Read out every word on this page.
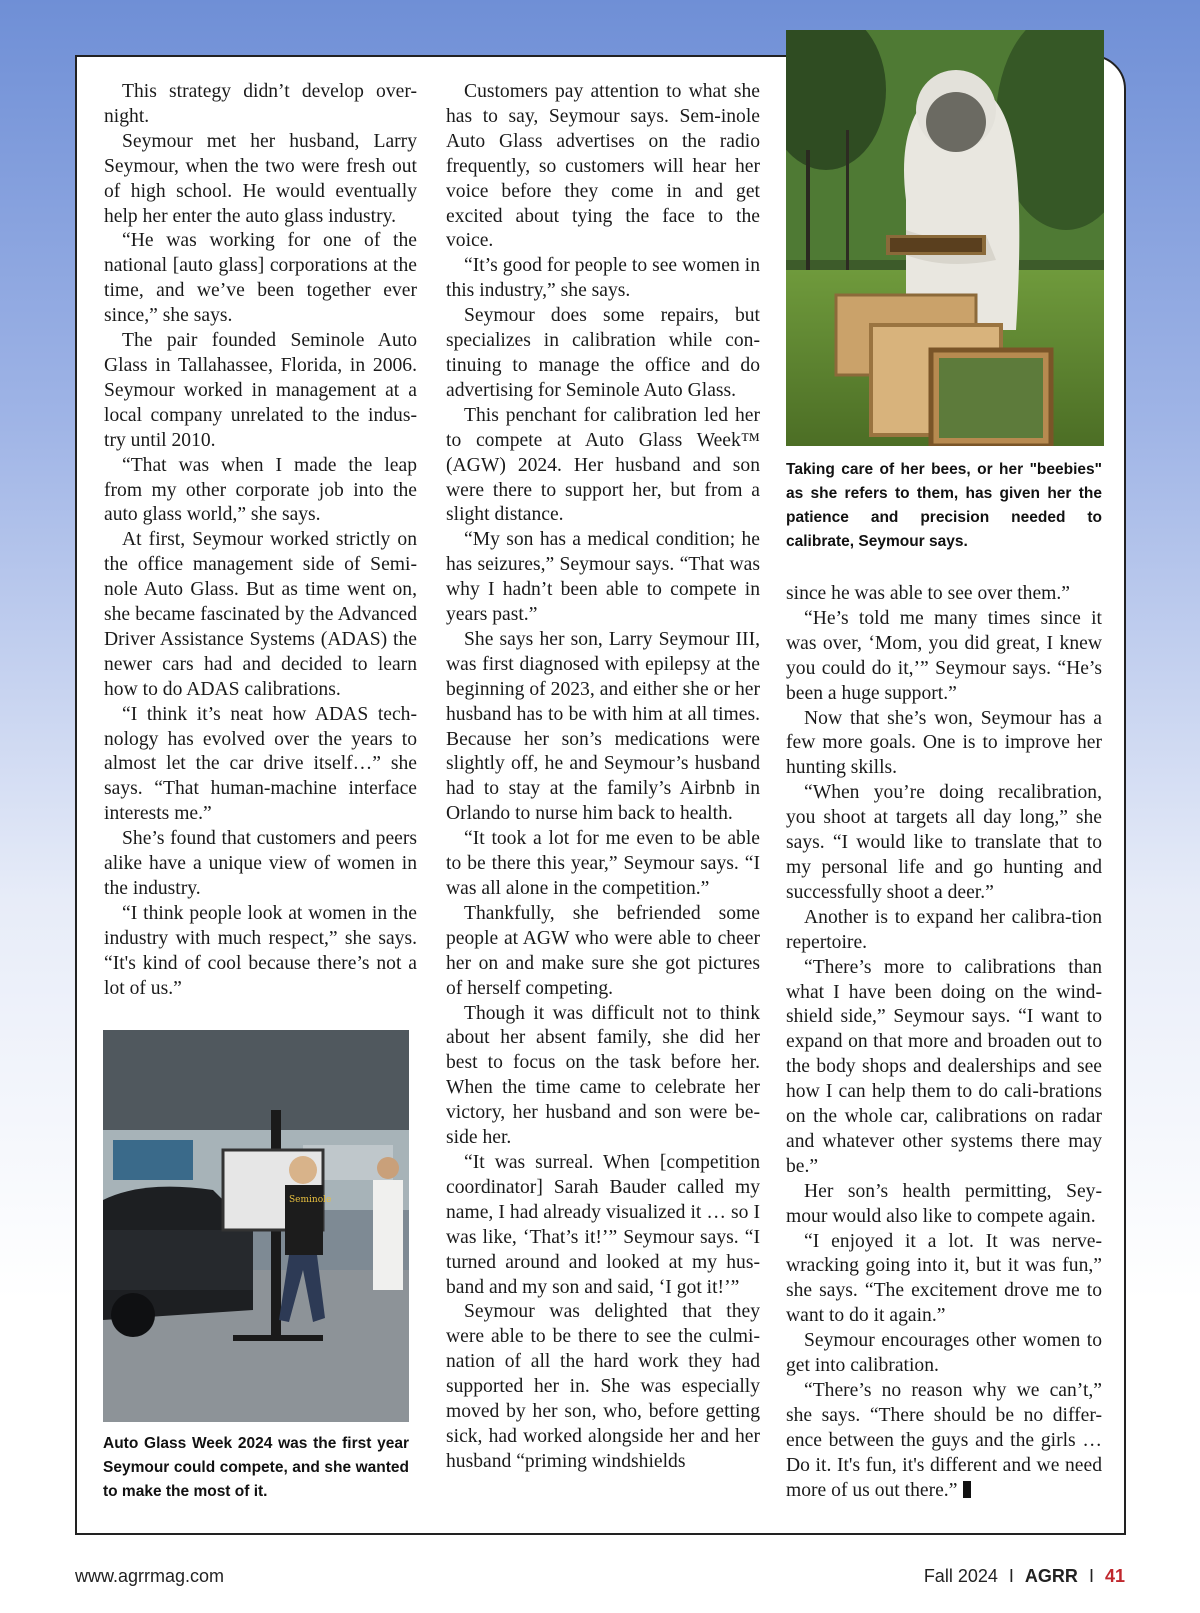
Taking care of her bees, or her "beebies" as she refers to them, has given her the patience and precision needed to calibrate, Seymour says.
Seminole
Auto Glass Week 2024 was the first year Seymour could compete, and she wanted to make the most of it.

This strategy didn’t develop over-night.

Seymour met her husband, Larry Seymour, when the two were fresh out of high school. He would eventually help her enter the auto glass industry.

“He was working for one of the national [auto glass] corporations at the time, and we’ve been together ever since,” she says.

The pair founded Seminole Auto Glass in Tallahassee, Florida, in 2006. Seymour worked in management at a local company unrelated to the indus-try until 2010.

“That was when I made the leap from my other corporate job into the auto glass world,” she says.

At first, Seymour worked strictly on the office management side of Semi-nole Auto Glass. But as time went on, she became fascinated by the Advanced Driver Assistance Systems (ADAS) the newer cars had and decided to learn how to do ADAS calibrations.

“I think it’s neat how ADAS tech-nology has evolved over the years to almost let the car drive itself…” she says. “That human-machine interface interests me.”

She’s found that customers and peers alike have a unique view of women in the industry.

“I think people look at women in the industry with much respect,” she says. “It's kind of cool because there’s not a lot of us.”

Customers pay attention to what she has to say, Seymour says. Sem-inole Auto Glass advertises on the radio frequently, so customers will hear her voice before they come in and get excited about tying the face to the voice.

“It’s good for people to see women in this industry,” she says.

Seymour does some repairs, but specializes in calibration while con-tinuing to manage the office and do advertising for Seminole Auto Glass.

This penchant for calibration led her to compete at Auto Glass Week™ (AGW) 2024. Her husband and son were there to support her, but from a slight distance.

“My son has a medical condition; he has seizures,” Seymour says. “That was why I hadn’t been able to compete in years past.”

She says her son, Larry Seymour III, was first diagnosed with epilepsy at the beginning of 2023, and either she or her husband has to be with him at all times. Because her son’s medications were slightly off, he and Seymour’s husband had to stay at the family’s Airbnb in Orlando to nurse him back to health.

“It took a lot for me even to be able to be there this year,” Seymour says. “I was all alone in the competition.”

Thankfully, she befriended some people at AGW who were able to cheer her on and make sure she got pictures of herself competing.

Though it was difficult not to think about her absent family, she did her best to focus on the task before her. When the time came to celebrate her victory, her husband and son were be-side her.

“It was surreal. When [competition coordinator] Sarah Bauder called my name, I had already visualized it … so I was like, ‘That’s it!’” Seymour says. “I turned around and looked at my hus-band and my son and said, ‘I got it!’”

Seymour was delighted that they were able to be there to see the culmi-nation of all the hard work they had supported her in. She was especially moved by her son, who, before getting sick, had worked alongside her and her husband “priming windshields

since he was able to see over them.”

“He’s told me many times since it was over, ‘Mom, you did great, I knew you could do it,’” Seymour says. “He’s been a huge support.”

Now that she’s won, Seymour has a few more goals. One is to improve her hunting skills.

“When you’re doing recalibration, you shoot at targets all day long,” she says. “I would like to translate that to my personal life and go hunting and successfully shoot a deer.”

Another is to expand her calibra-tion repertoire.

“There’s more to calibrations than what I have been doing on the wind-shield side,” Seymour says. “I want to expand on that more and broaden out to the body shops and dealerships and see how I can help them to do cali-brations on the whole car, calibrations on radar and whatever other systems there may be.”

Her son’s health permitting, Sey-mour would also like to compete again.

“I enjoyed it a lot. It was nerve-wracking going into it, but it was fun,” she says. “The excitement drove me to want to do it again.”

Seymour encourages other women to get into calibration.

“There’s no reason why we can’t,” she says. “There should be no differ-ence between the guys and the girls … Do it. It's fun, it's different and we need more of us out there.”

www.agrrmag.com	Fall 2024 I AGRR I 41
